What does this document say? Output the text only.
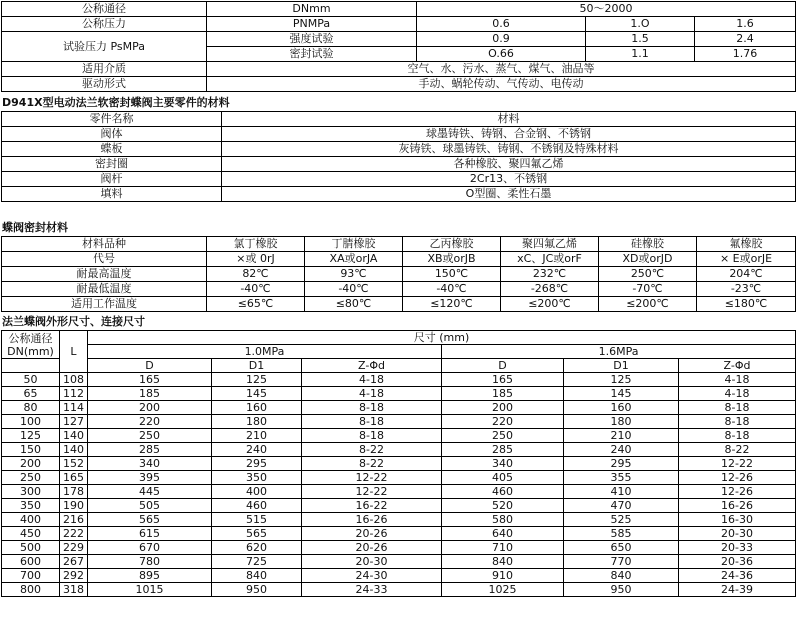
公称通径	DNmm	50～2000		
公称压力	PNMPa	0.6	1.O	1.6
试验压力 PsMPa	强度试验	0.9	1.5	2.4
	密封试验	O.66	1.1	1.76
适用介质	空气、水、污水、蒸气、煤气、油品等			
驱动形式	手动、蜗轮传动、气传动、电传动			
D941X型电动法兰软密封蝶阀主要零件的材料
零件名称	材料
阀体	球墨铸铁、铸钢、合金钢、不锈钢
蝶板	灰铸铁、球墨铸铁、铸钢、不锈钢及特殊材料
密封圈	各种橡胶、聚四氟乙烯
阀杆	2Cr13、不锈钢
填料	O型圈、柔性石墨
蝶阀密封材料
材料品种	氯丁橡胶	丁腈橡胶	乙丙橡胶	聚四氟乙烯	硅橡胶	氟橡胶
代号	×或 0rJ	XA或orJA	XB或orJB	xC、JC或orF	XD或orJD	× E或orJE
耐最高温度	82℃	93℃	150℃	232℃	250℃	204℃
耐最低温度	-40℃	-40℃	-40℃	-268℃	-70℃	-23℃
适用工作温度	≤65℃	≤80℃	≤120℃	≤200℃	≤200℃	≤180℃
法兰蝶阀外形尺寸、连接尺寸
公称通径
DN(mm)	L	尺寸 (mm)					
		1.0MPa			1.6MPa		
		D	D1	Z-Φd	D	D1	Z-Φd
50	108	165	125	4-18	165	125	4-18
65	112	185	145	4-18	185	145	4-18
80	114	200	160	8-18	200	160	8-18
100	127	220	180	8-18	220	180	8-18
125	140	250	210	8-18	250	210	8-18
150	140	285	240	8-22	285	240	8-22
200	152	340	295	8-22	340	295	12-22
250	165	395	350	12-22	405	355	12-26
300	178	445	400	12-22	460	410	12-26
350	190	505	460	16-22	520	470	16-26
400	216	565	515	16-26	580	525	16-30
450	222	615	565	20-26	640	585	20-30
500	229	670	620	20-26	710	650	20-33
600	267	780	725	20-30	840	770	20-36
700	292	895	840	24-30	910	840	24-36
800	318	1015	950	24-33	1025	950	24-39
